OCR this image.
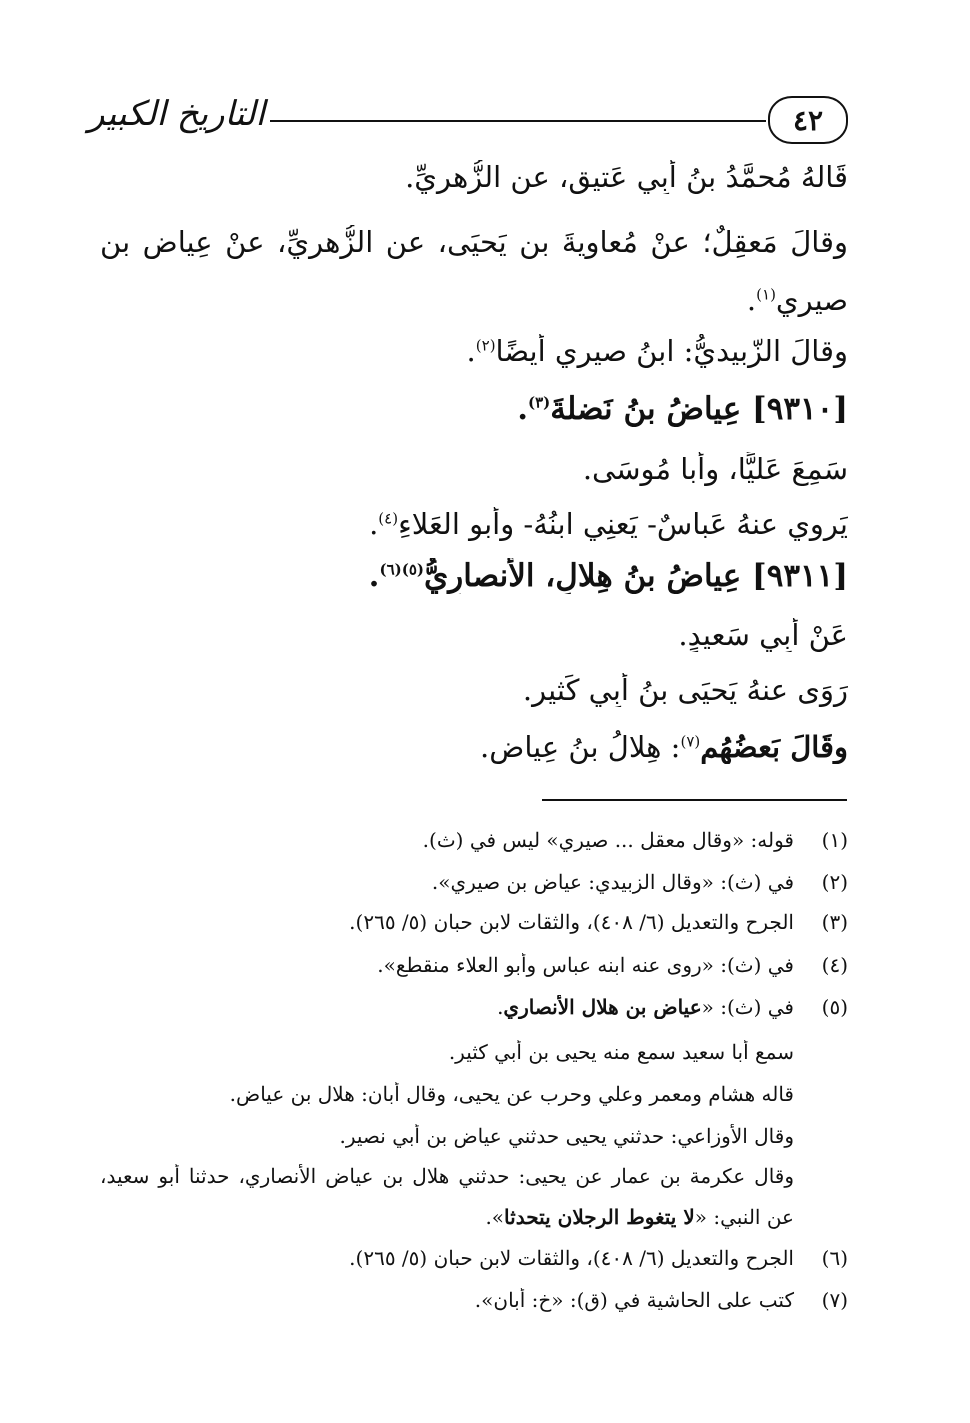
٤٢
التاريخ الكبير
قَالهُ مُحمَّدُ بنُ أَبِي عَتيقٍ، عنِ الزُّهرِيِّ.
وقالَ مَعقِلٌ؛ عنْ مُعاويةَ بنِ يَحيَى، عنِ الزُّهريِّ، عنْ عِياضِ بنِ
صيري$^{(١)}$.
وقالَ الزّبيديُّ: ابنُ صيري أَيضًا$^{(٢)}$.
[٩٣١٠] عِياضُ بنُ نَضلةَ$^{(٣)}$.
سَمِعَ عَليًّا، وأَبا مُوسَى.
يَروِي عنهُ عَباسٌ- يَعنِي ابنُهُ- وأَبو العَلاءِ$^{(٤)}$.
[٩٣١١] عِياضُ بنُ هِلالٍ، الأَنصارِيُّ$^{(٥)(٦)}$.
عَنْ أَبِي سَعيدٍ.
رَوَى عنهُ يَحيَى بنُ أَبِي كَثيرٍ.
وقَالَ بَعضُهُم$^{(٧)}$: هِلالُ بنُ عِياضٍ.
(١)قوله: «وقال معقل ... صيري» ليس في (ث).
(٢)في (ث): «وقال الزبيدي: عياض بن صيري».
(٣)الجرح والتعديل (٦/ ٤٠٨)، والثقات لابن حبان (٥/ ٢٦٥).
(٤)في (ث): «روى عنه ابنه عباس وأبو العلاء منقطع».
(٥)في (ث): «عياض بن هلال الأنصاري.
سمع أبا سعيد سمع منه يحيى بن أبي كثير.
قاله هشام ومعمر وعلي وحرب عن يحيى، وقال أبان: هلال بن عياض.
وقال الأوزاعي: حدثني يحيى حدثني عياض بن أبي نصير.
وقال عكرمة بن عمار عن يحيى: حدثني هلال بن عياض الأنصاري، حدثنا أبو سعيد،
عن النبي: «لا يتغوط الرجلان يتحدثا».
(٦)الجرح والتعديل (٦/ ٤٠٨)، والثقات لابن حبان (٥/ ٢٦٥).
(٧)كتب على الحاشية في (ق): «خ: أبان».
